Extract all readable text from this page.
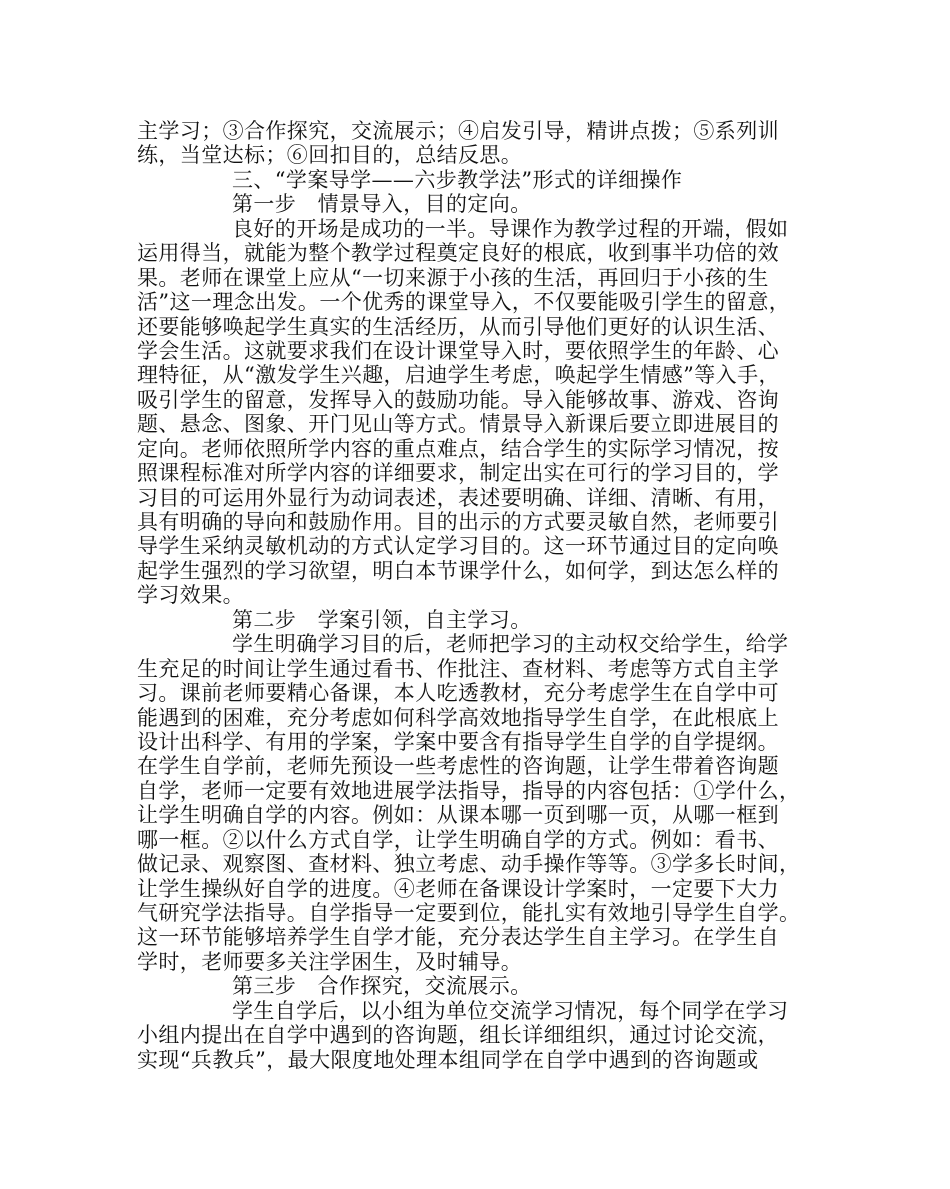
主学习；③合作探究，交流展示；④启发引导，精讲点拨；⑤系列训
练，当堂达标；⑥回扣目的，总结反思。
三、“学案导学——六步教学法”形式的详细操作
第一步　情景导入，目的定向。
良好的开场是成功的一半。导课作为教学过程的开端，假如
运用得当，就能为整个教学过程奠定良好的根底，收到事半功倍的效
果。老师在课堂上应从“一切来源于小孩的生活，再回归于小孩的生
活”这一理念出发。一个优秀的课堂导入，不仅要能吸引学生的留意，
还要能够唤起学生真实的生活经历，从而引导他们更好的认识生活、
学会生活。这就要求我们在设计课堂导入时，要依照学生的年龄、心
理特征，从“激发学生兴趣，启迪学生考虑，唤起学生情感”等入手，
吸引学生的留意，发挥导入的鼓励功能。导入能够故事、游戏、咨询
题、悬念、图象、开门见山等方式。情景导入新课后要立即进展目的
定向。老师依照所学内容的重点难点，结合学生的实际学习情况，按
照课程标准对所学内容的详细要求，制定出实在可行的学习目的，学
习目的可运用外显行为动词表述，表述要明确、详细、清晰、有用，
具有明确的导向和鼓励作用。目的出示的方式要灵敏自然，老师要引
导学生采纳灵敏机动的方式认定学习目的。这一环节通过目的定向唤
起学生强烈的学习欲望，明白本节课学什么，如何学，到达怎么样的
学习效果。
第二步　学案引领，自主学习。
学生明确学习目的后，老师把学习的主动权交给学生，给学
生充足的时间让学生通过看书、作批注、查材料、考虑等方式自主学
习。课前老师要精心备课，本人吃透教材，充分考虑学生在自学中可
能遇到的困难，充分考虑如何科学高效地指导学生自学，在此根底上
设计出科学、有用的学案，学案中要含有指导学生自学的自学提纲。
在学生自学前，老师先预设一些考虑性的咨询题，让学生带着咨询题
自学，老师一定要有效地进展学法指导，指导的内容包括：①学什么，
让学生明确自学的内容。例如：从课本哪一页到哪一页，从哪一框到
哪一框。②以什么方式自学，让学生明确自学的方式。例如：看书、
做记录、观察图、查材料、独立考虑、动手操作等等。③学多长时间，
让学生操纵好自学的进度。④老师在备课设计学案时，一定要下大力
气研究学法指导。自学指导一定要到位，能扎实有效地引导学生自学。
这一环节能够培养学生自学才能，充分表达学生自主学习。在学生自
学时，老师要多关注学困生，及时辅导。
第三步　合作探究，交流展示。
学生自学后，以小组为单位交流学习情况，每个同学在学习
小组内提出在自学中遇到的咨询题，组长详细组织，通过讨论交流，
实现“兵教兵”，最大限度地处理本组同学在自学中遇到的咨询题或
